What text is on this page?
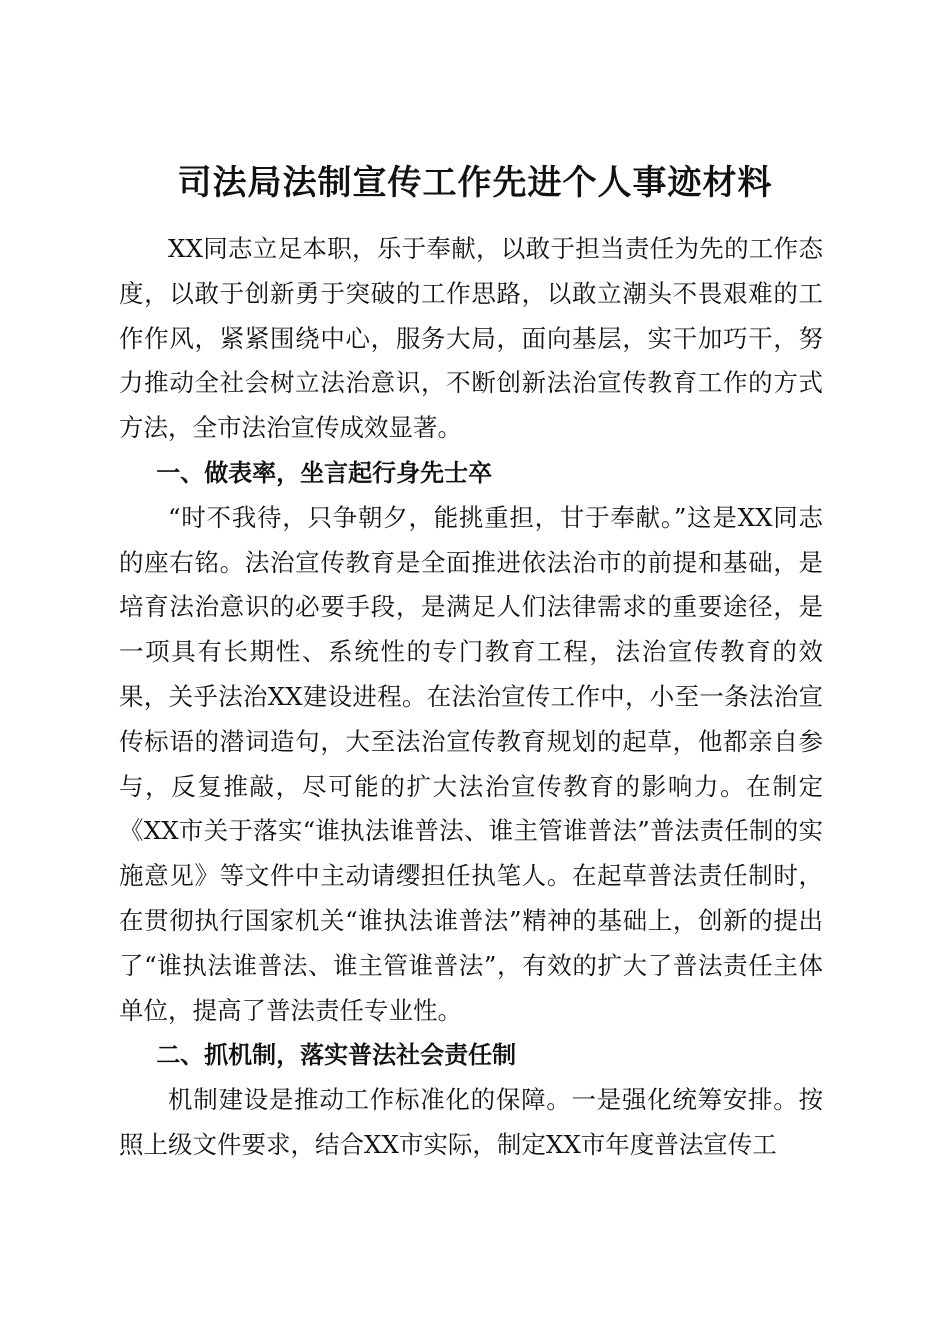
司法局法制宣传工作先进个人事迹材料

XX同志立足本职，乐于奉献，以敢于担当责任为先的工作态度，以敢于创新勇于突破的工作思路，以敢立潮头不畏艰难的工作作风，紧紧围绕中心，服务大局，面向基层，实干加巧干，努力推动全社会树立法治意识，不断创新法治宣传教育工作的方式方法，全市法治宣传成效显著。

一、做表率，坐言起行身先士卒

“时不我待，只争朝夕，能挑重担，甘于奉献。”这是XX同志的座右铭。法治宣传教育是全面推进依法治市的前提和基础，是培育法治意识的必要手段，是满足人们法律需求的重要途径，是一项具有长期性、系统性的专门教育工程，法治宣传教育的效果，关乎法治XX建设进程。在法治宣传工作中，小至一条法治宣传标语的潜词造句，大至法治宣传教育规划的起草，他都亲自参与，反复推敲，尽可能的扩大法治宣传教育的影响力。在制定《XX市关于落实“谁执法谁普法、谁主管谁普法”普法责任制的实施意见》等文件中主动请缨担任执笔人。在起草普法责任制时，在贯彻执行国家机关“谁执法谁普法”精神的基础上，创新的提出了“谁执法谁普法、谁主管谁普法”，有效的扩大了普法责任主体单位，提高了普法责任专业性。

二、抓机制，落实普法社会责任制

机制建设是推动工作标准化的保障。一是强化统筹安排。按照上级文件要求，结合XX市实际，制定XX市年度普法宣传工
